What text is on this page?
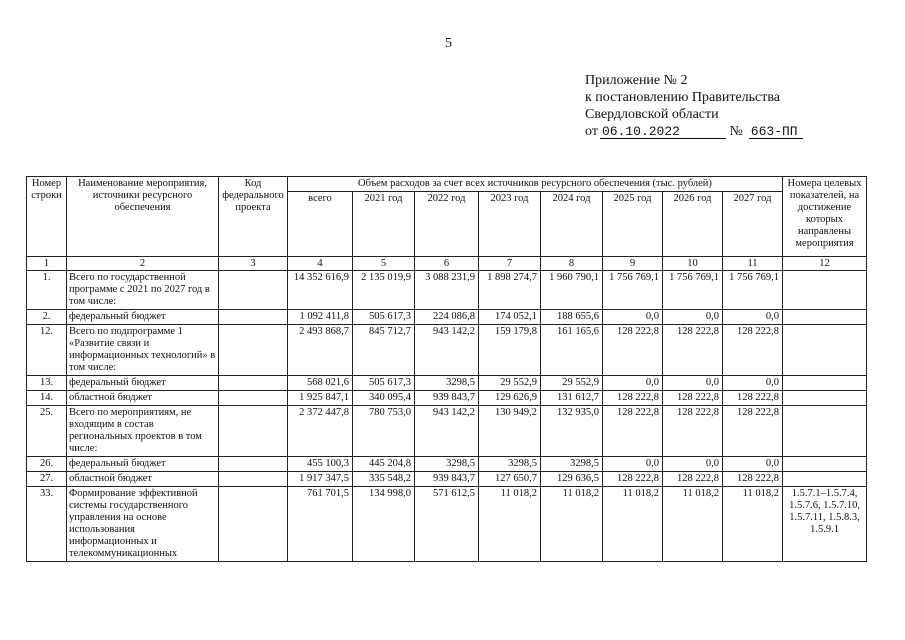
5
Приложение № 2
к постановлению Правительства
Свердловской области
от 06.10.2022	№ 663-ПП
Номер строки	Наименование мероприятия, источники ресурсного обеспечения	Код федерального проекта	Объем расходов за счет всех источников ресурсного обеспечения (тыс. рублей)								Номера целевых показателей, на достижение которых направлены мероприятия
			всего	2021 год	2022 год	2023 год	2024 год	2025 год	2026 год	2027 год	
1	2	3	4	5	6	7	8	9	10	11	12
1.	Всего по государственной программе с 2021 по 2027 год в том числе:		14 352 616,9	2 135 019,9	3 088 231,9	1 898 274,7	1 960 790,1	1 756 769,1	1 756 769,1	1 756 769,1	
2.	федеральный бюджет		1 092 411,8	505 617,3	224 086,8	174 052,1	188 655,6	0,0	0,0	0,0	
12.	Всего по подпрограмме 1 «Развитие связи и информационных технологий» в том числе:		2 493 868,7	845 712,7	943 142,2	159 179,8	161 165,6	128 222,8	128 222,8	128 222,8	
13.	федеральный бюджет		568 021,6	505 617,3	3298,5	29 552,9	29 552,9	0,0	0,0	0,0	
14.	областной бюджет		1 925 847,1	340 095,4	939 843,7	129 626,9	131 612,7	128 222,8	128 222,8	128 222,8	
25.	Всего по мероприятиям, не входящим в состав региональных проектов в том числе:		2 372 447,8	780 753,0	943 142,2	130 949,2	132 935,0	128 222,8	128 222,8	128 222,8	
26.	федеральный бюджет		455 100,3	445 204,8	3298,5	3298,5	3298,5	0,0	0,0	0,0	
27.	областной бюджет		1 917 347,5	335 548,2	939 843,7	127 650,7	129 636,5	128 222,8	128 222,8	128 222,8	
33.	Формирование эффективной системы государственного управления на основе использования информационных и телекоммуникационных		761 701,5	134 998,0	571 612,5	11 018,2	11 018,2	11 018,2	11 018,2	11 018,2	1.5.7.1–1.5.7.4, 1.5.7.6, 1.5.7.10, 1.5.7.11, 1.5.8.3, 1.5.9.1
